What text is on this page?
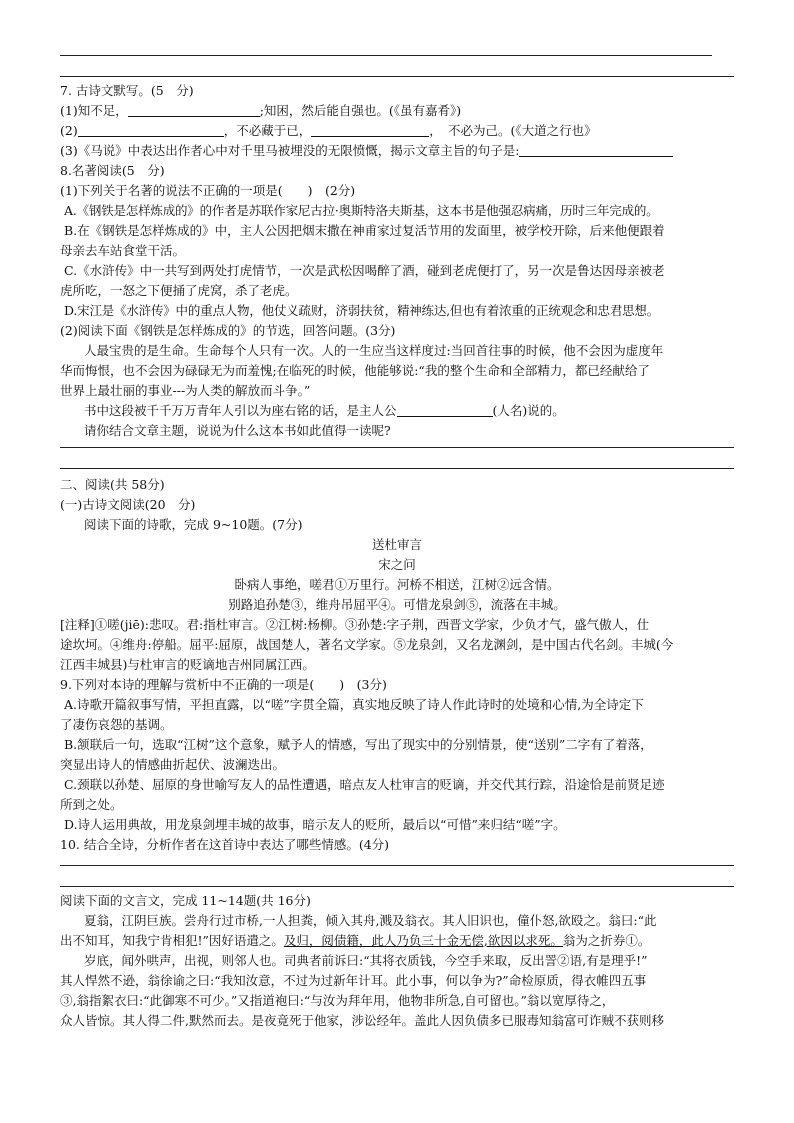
7. 古诗文默写。(5　分)
(1)知不足，	;知困，然后能自强也。(《虽有嘉肴》)
(2)	，不必藏于已，	，　不必为己。(《大道之行也》
(3)《马说》中表达出作者心中对千里马被埋没的无限愤慨，揭示文章主旨的句子是:
8.名著阅读(5　分)
(1)下列关于名著的说法不正确的一项是(　　)　(2分)
A.《钢铁是怎样炼成的》的作者是苏联作家尼古拉·奥斯特洛夫斯基，这本书是他强忍病痛，历时三年完成的。
B.在《钢铁是怎样炼成的》中，主人公因把烟末撒在神甫家过复活节用的发面里，被学校开除，后来他便跟着
母亲去车站食堂干活。
C.《水浒传》中一共写到两处打虎情节，一次是武松因喝醉了酒，碰到老虎便打了，另一次是鲁达因母亲被老
虎所吃，一怒之下便捅了虎窝，杀了老虎。
D.宋江是《水浒传》中的重点人物，他仗义疏财，济弱扶贫，精神练达,但也有着浓重的正统观念和忠君思想。
(2)阅读下面《钢铁是怎样炼成的》的节选，回答问题。(3分)
人最宝贵的是生命。生命每个人只有一次。人的一生应当这样度过:当回首往事的时候，他不会因为虚度年
华而悔恨，也不会因为碌碌无为而羞愧;在临死的时候，他能够说:“我的整个生命和全部精力，都已经献给了
世界上最壮丽的事业---为人类的解放而斗争。”
书中这段被千千万万青年人引以为座右铭的话，是主人公	(人名)说的。
请你结合文章主题，说说为什么这本书如此值得一读呢?
二、阅读(共 58分)
(一)古诗文阅读(20　分)
阅读下面的诗歌，完成 9~10题。(7分)
送杜审言
宋之问
卧病人事绝，嗟君①万里行。河桥不相送，江树②远含情。
别路追孙楚③，维舟吊屈平④。可惜龙泉剑⑤，流落在丰城。
[注释]①嗟(jiē):悲叹。君:指杜审言。②江树:杨柳。③孙楚:字子荆，西晋文学家，少负才气，盛气傲人，仕
途坎坷。④维舟:停船。屈平:屈原，战国楚人，著名文学家。⑤龙泉剑，又名龙渊剑，是中国古代名剑。丰城(今
江西丰城县)与杜审言的贬谪地吉州同属江西。
9.下列对本诗的理解与赏析中不正确的一项是(　　)　(3分)
A.诗歌开篇叙事写情，平担直露，以“嗟”字贯全篇，真实地反映了诗人作此诗时的处境和心情,为全诗定下
了凄伤哀怨的基调。
B.颔联后一句，选取“江树”这个意象，赋予人的情感，写出了现实中的分别情景，使“送别”二字有了着落，
突显出诗人的情感曲折起伏、波澜迭出。
C.颈联以孙楚、屈原的身世喻写友人的品性遭遇，暗点友人杜审言的贬谪，并交代其行踪，沿途恰是前贤足迹
所到之处。
D.诗人运用典故，用龙泉剑埋丰城的故事，暗示友人的贬所，最后以“可惜”来归结“嗟”字。
10. 结合全诗，分析作者在这首诗中表达了哪些情感。(4分)
阅读下面的文言文，完成 11~14题(共 16分)
夏翁，江阴巨族。尝舟行过市桥,一人担粪，倾入其舟,溅及翁衣。其人旧识也，僮仆怒,欲殴之。翁曰:“此
出不知耳，知我宁肯相犯!”因好语遣之。及归，阅债籍，此人乃负三十金无偿,欲因以求死。翁为之折券①。
岁底，闻外哄声，出视，则邻人也。司典者前诉曰:“其将衣质钱，今空手来取，反出詈②语,有是理乎!”
其人悍然不逊，翁徐谕之曰:“我知汝意，不过为过新年计耳。此小事，何以争为?”命检原质，得衣帷四五事
③,翁指絮衣曰:“此御寒不可少。”又指道袍曰:“与汝为拜年用，他物非所急,自可留也。”翁以宽厚待之，
众人皆惊。其人得二件,默然而去。是夜竟死于他家，涉讼经年。盖此人因负债多已服毒知翁富可诈贼不获则移
